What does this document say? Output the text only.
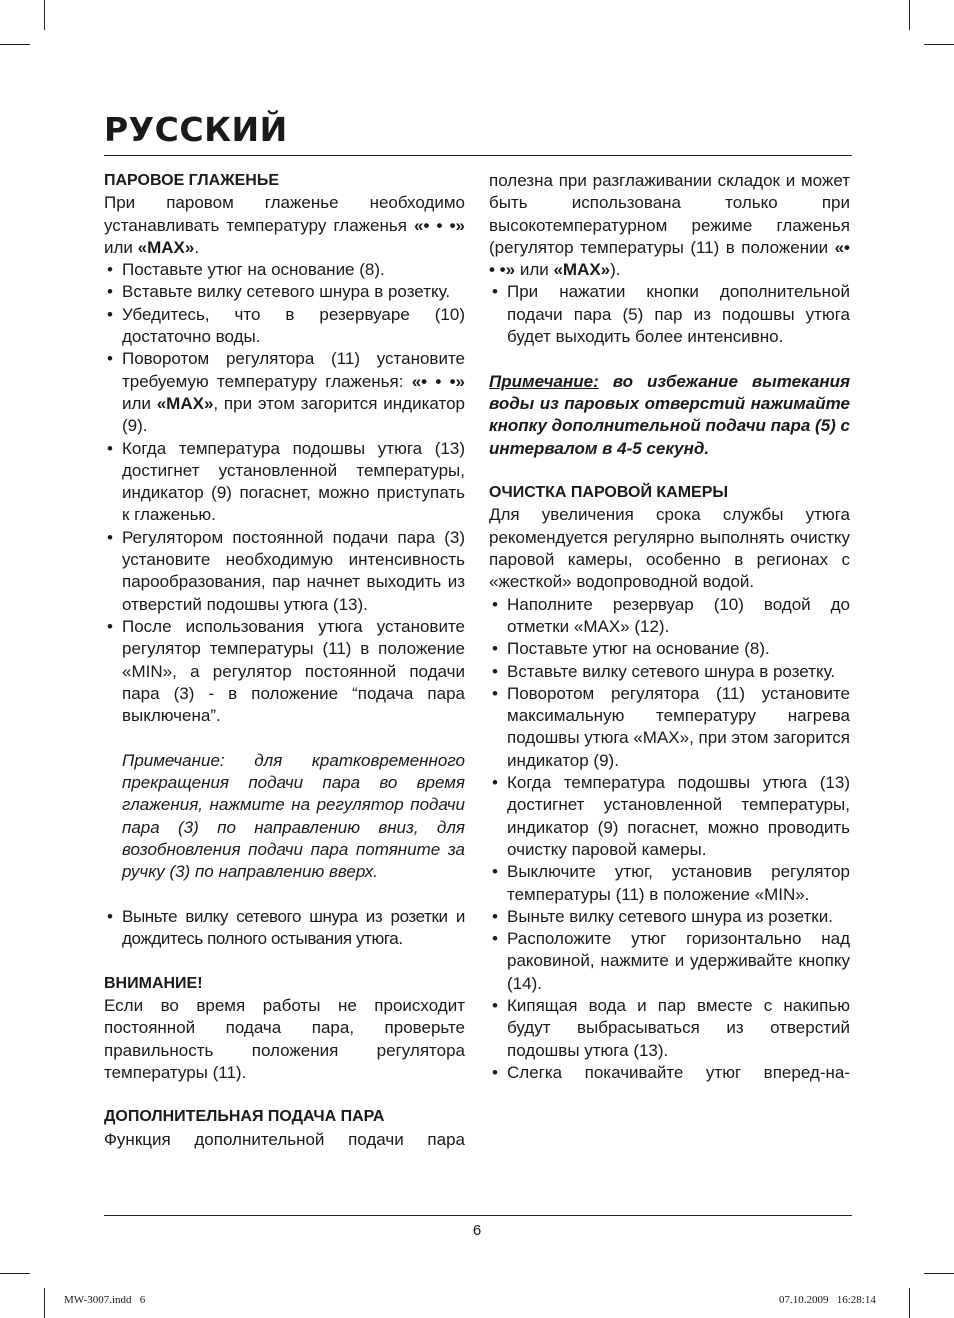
РУССКИЙ
ПАРОВОЕ ГЛАЖЕНЬЕ

При паровом глаженье необходимо устанавливать температуру глаженья «• • •» или «MAX».

• Поставьте утюг на основание (8).
• Вставьте вилку сетевого шнура в розетку.
• Убедитесь, что в резервуаре (10) достаточно воды.
• Поворотом регулятора (11) установите требуемую температуру глаженья: «• • •» или «MAX», при этом загорится индикатор (9).
• Когда температура подошвы утюга (13) достигнет установленной температуры, индикатор (9) погаснет, можно приступать к глаженью.
• Регулятором постоянной подачи пара (3) установите необходимую интенсивность парообразования, пар начнет выходить из отверстий подошвы утюга (13).
• После использования утюга установите регулятор температуры (11) в положение «MIN», а регулятор постоянной подачи пара (3) - в положение “подача пара выключена”.

Примечание: для кратковременного прекращения подачи пара во время глажения, нажмите на регулятор подачи пара (3) по направлению вниз, для возобновления подачи пара потяните за ручку (3) по направлению вверх.

• Выньте вилку сетевого шнура из розетки и дождитесь полного остывания утюга.
ВНИМАНИЕ!

Если во время работы не происходит постоянной подача пара, проверьте правильность положения регулятора температуры (11).

ДОПОЛНИТЕЛЬНАЯ ПОДАЧА ПАРА

Функция дополнительной подачи пара

полезна при разглаживании складок и может быть использована только при высокотемпературном режиме глаженья (регулятор температуры (11) в положении «• • •» или «MAX»).

• При нажатии кнопки дополнительной подачи пара (5) пар из подошвы утюга будет выходить более интенсивно.

Примечание: во избежание вытекания воды из паровых отверстий нажимайте кнопку дополнительной подачи пара (5) с интервалом в 4-5 секунд.

ОЧИСТКА ПАРОВОЙ КАМЕРЫ

Для увеличения срока службы утюга рекомендуется регулярно выполнять очистку паровой камеры, особенно в регионах с «жесткой» водопроводной водой.

• Наполните резервуар (10) водой до отметки «MAX» (12).
• Поставьте утюг на основание (8).
• Вставьте вилку сетевого шнура в розетку.
• Поворотом регулятора (11) установите максимальную температуру нагрева подошвы утюга «MAX», при этом загорится индикатор (9).
• Когда температура подошвы утюга (13) достигнет установленной температуры, индикатор (9) погаснет, можно проводить очистку паровой камеры.
• Выключите утюг, установив регулятор температуры (11) в положение «MIN».
• Выньте вилку сетевого шнура из розетки.
• Расположите утюг горизонтально над раковиной, нажмите и удерживайте кнопку (14).
• Кипящая вода и пар вместе с накипью будут выбрасываться из отверстий подошвы утюга (13).
• Слегка покачивайте утюг вперед-на-
6
MW-3007.indd   6	07.10.2009   16:28:14
